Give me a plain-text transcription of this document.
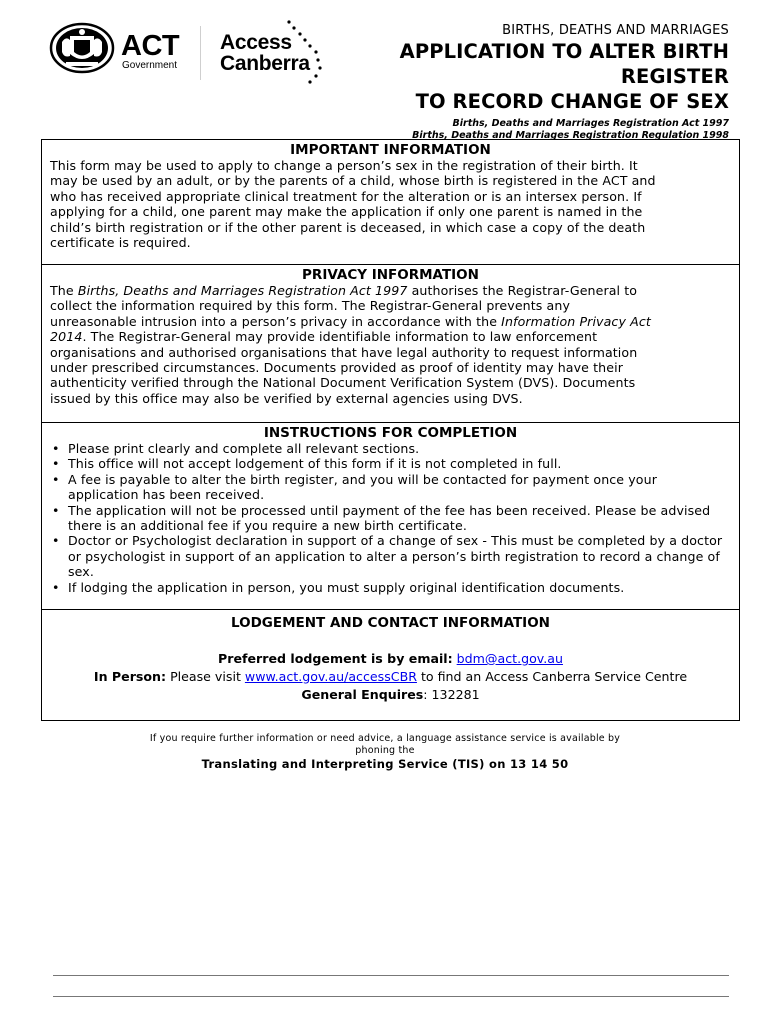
ACT
Government
Access
Canberra
BIRTHS, DEATHS AND MARRIAGES
APPLICATION TO ALTER BIRTH
REGISTER
TO RECORD CHANGE OF SEX
Births, Deaths and Marriages Registration Act 1997
Births, Deaths and Marriages Registration Regulation 1998
IMPORTANT INFORMATION
This form may be used to apply to change a person’s sex in the registration of their birth. It
may be used by an adult, or by the parents of a child, whose birth is registered in the ACT and
who has received appropriate clinical treatment for the alteration or is an intersex person. If
applying for a child, one parent may make the application if only one parent is named in the
child’s birth registration or if the other parent is deceased, in which case a copy of the death
certificate is required.
PRIVACY INFORMATION
The Births, Deaths and Marriages Registration Act 1997 authorises the Registrar-General to
collect the information required by this form. The Registrar-General prevents any
unreasonable intrusion into a person’s privacy in accordance with the Information Privacy Act
2014. The Registrar-General may provide identifiable information to law enforcement
organisations and authorised organisations that have legal authority to request information
under prescribed circumstances. Documents provided as proof of identity may have their
authenticity verified through the National Document Verification System (DVS). Documents
issued by this office may also be verified by external agencies using DVS.
INSTRUCTIONS FOR COMPLETION
• Please print clearly and complete all relevant sections.
• This office will not accept lodgement of this form if it is not completed in full.
• A fee is payable to alter the birth register, and you will be contacted for payment once your application has been received.
• The application will not be processed until payment of the fee has been received. Please be advised there is an additional fee if you require a new birth certificate.
• Doctor or Psychologist declaration in support of a change of sex - This must be completed by a doctor or psychologist in support of an application to alter a person’s birth registration to record a change of sex.
• If lodging the application in person, you must supply original identification documents.
LODGEMENT AND CONTACT INFORMATION
Preferred lodgement is by email: bdm@act.gov.au
In Person: Please visit www.act.gov.au/accessCBR to find an Access Canberra Service Centre
General Enquires: 132281
If you require further information or need advice, a language assistance service is available by
phoning the
Translating and Interpreting Service (TIS) on 13 14 50
